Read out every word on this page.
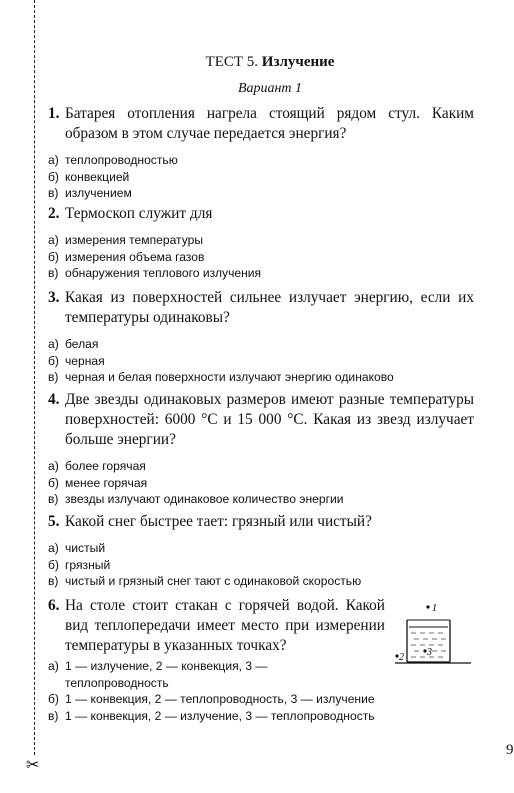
✂
ТЕСТ 5. Излучение
Вариант 1

1. Батарея отопления нагрела стоящий рядом стул. Каким образом в этом случае передается энергия?

а) теплопроводностью
б) конвекцией
в) излучением

2. Термоскоп служит для

а) измерения температуры
б) измерения объема газов
в) обнаружения теплового излучения

3. Какая из поверхностей сильнее излучает энергию, если их температуры одинаковы?

а) белая
б) черная
в) черная и белая поверхности излучают энергию одинаково

4. Две звезды одинаковых размеров имеют разные температуры поверхностей: 6000 °С и 15 000 °С. Какая из звезд излучает больше энергии?

а) более горячая
б) менее горячая
в) звезды излучают одинаковое количество энергии

5. Какой снег быстрее тает: грязный или чистый?

а) чистый
б) грязный
в) чистый и грязный снег тают с одинаковой скоростью

6. На столе стоит стакан с горячей водой. Какой вид теплопередачи имеет место при измерении температуры в указанных точках?

а) 1 — излучение, 2 — конвекция, 3 — теплопроводность
б) 1 — конвекция, 2 — теплопроводность, 3 — излучение
в) 1 — конвекция, 2 — излучение, 3 — теплопроводность
1
2 3
9
